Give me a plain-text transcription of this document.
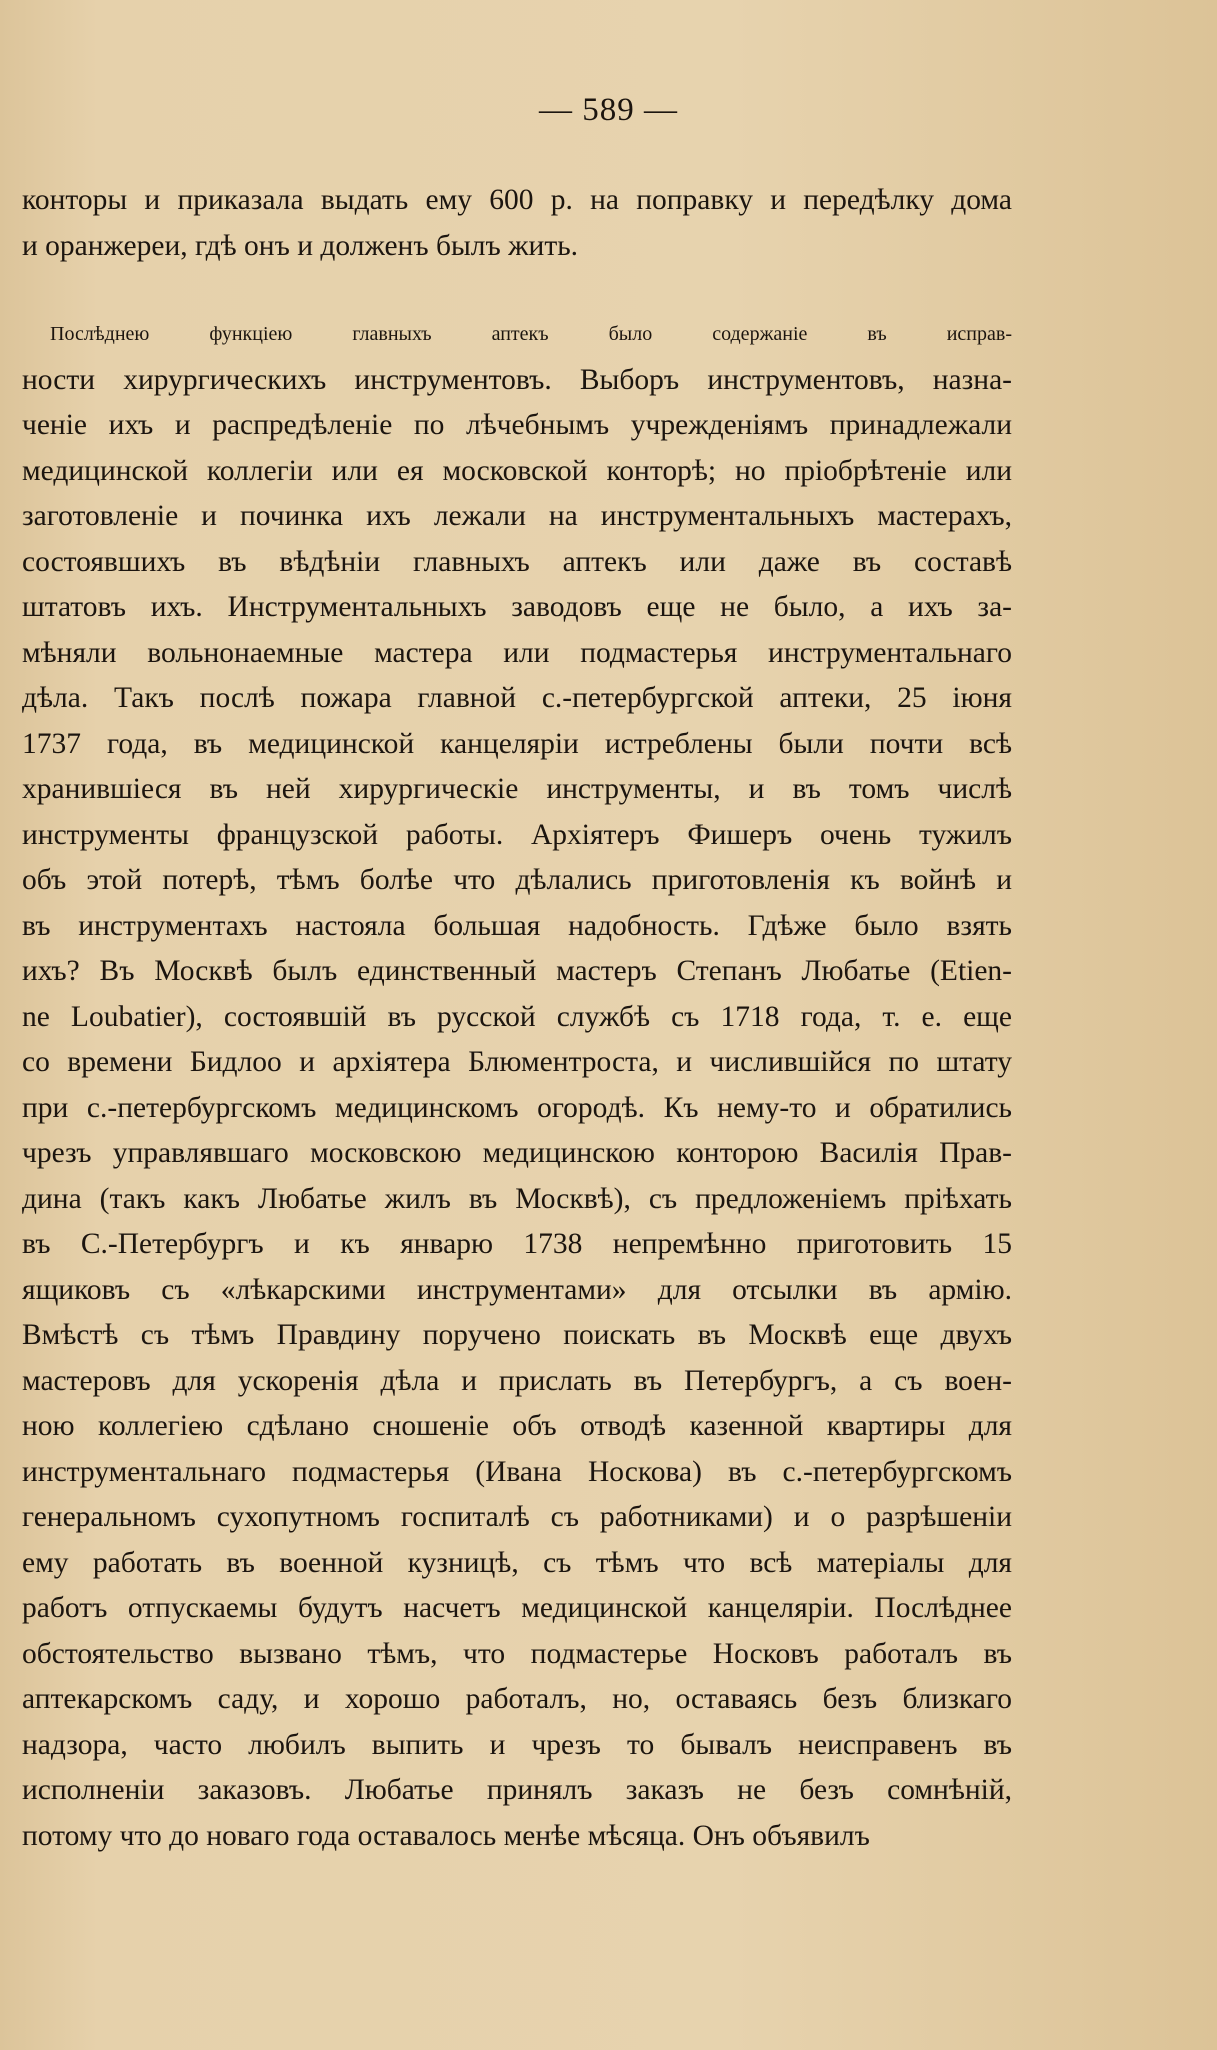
— 589 —
конторы и приказала выдать ему 600 р. на поправку и передѣлку дома
и оранжереи, гдѣ онъ и долженъ былъ жить.
Послѣднею функцiею главныхъ аптекъ было содержанiе въ исправ-
ности хирургическихъ инструментовъ. Выборъ инструментовъ, назна-
ченiе ихъ и распредѣленiе по лѣчебнымъ учрежденiямъ принадлежали
медицинской коллегiи или ея московской конторѣ; но прiобрѣтенiе или
заготовленiе и починка ихъ лежали на инструментальныхъ мастерахъ,
состоявшихъ въ вѣдѣнiи главныхъ аптекъ или даже въ составѣ
штатовъ ихъ. Инструментальныхъ заводовъ еще не было, а ихъ за-
мѣняли вольнонаемные мастера или подмастерья инструментальнаго
дѣла. Такъ послѣ пожара главной с.-петербургской аптеки, 25 iюня
1737 года, въ медицинской канцелярiи истреблены были почти всѣ
хранившiеся въ ней хирургическiе инструменты, и въ томъ числѣ
инструменты французской работы. Архiятеръ Фишеръ очень тужилъ
объ этой потерѣ, тѣмъ болѣе что дѣлались приготовленiя къ войнѣ и
въ инструментахъ настояла большая надобность. Гдѣже было взять
ихъ? Въ Москвѣ былъ единственный мастеръ Степанъ Любатье (Etien-
ne Loubatier), состоявшiй въ русской службѣ съ 1718 года, т. е. еще
со времени Бидлоо и архiятера Блюментроста, и числившiйся по штату
при с.-петербургскомъ медицинскомъ огородѣ. Къ нему-то и обратились
чрезъ управлявшаго московскою медицинскою конторою Василiя Прав-
дина (такъ какъ Любатье жилъ въ Москвѣ), съ предложенiемъ прiѣхать
въ С.-Петербургъ и къ январю 1738 непремѣнно приготовить 15
ящиковъ съ «лѣкарскими инструментами» для отсылки въ армiю.
Вмѣстѣ съ тѣмъ Правдину поручено поискать въ Москвѣ еще двухъ
мастеровъ для ускоренiя дѣла и прислать въ Петербургъ, а съ воен-
ною коллегiею сдѣлано сношенiе объ отводѣ казенной квартиры для
инструментальнаго подмастерья (Ивана Носкова) въ с.-петербургскомъ
генеральномъ сухопутномъ госпиталѣ съ работниками) и о разрѣшенiи
ему работать въ военной кузницѣ, съ тѣмъ что всѣ матерiалы для
работъ отпускаемы будутъ насчетъ медицинской канцелярiи. Послѣднее
обстоятельство вызвано тѣмъ, что подмастерье Носковъ работалъ въ
аптекарскомъ саду, и хорошо работалъ, но, оставаясь безъ близкаго
надзора, часто любилъ выпить и чрезъ то бывалъ неисправенъ въ
исполненiи заказовъ. Любатье принялъ заказъ не безъ сомнѣнiй,
потому что до новаго года оставалось менѣе мѣсяца. Онъ объявилъ
